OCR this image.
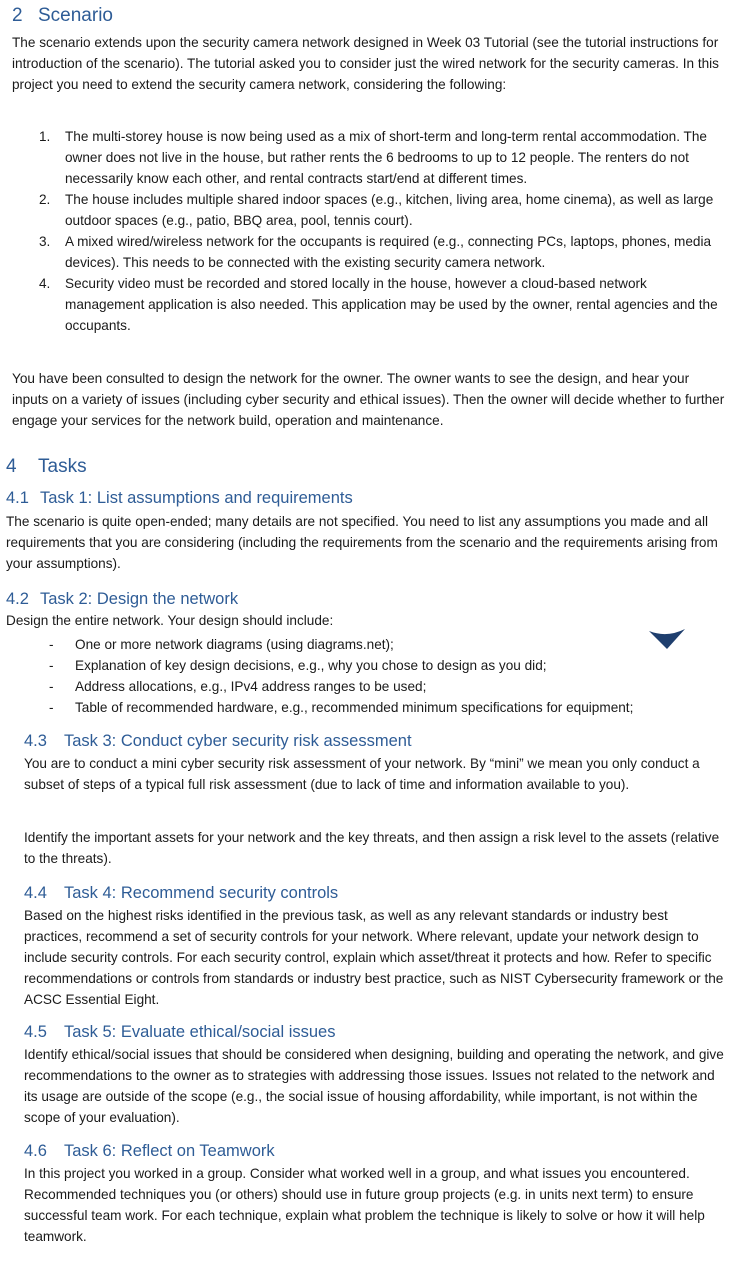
2 Scenario

The scenario extends upon the security camera network designed in Week 03 Tutorial (see the tutorial instructions for introduction of the scenario). The tutorial asked you to consider just the wired network for the security cameras. In this project you need to extend the security camera network, considering the following:

1. The multi-storey house is now being used as a mix of short-term and long-term rental accommodation. The owner does not live in the house, but rather rents the 6 bedrooms to up to 12 people. The renters do not necessarily know each other, and rental contracts start/end at different times.
2. The house includes multiple shared indoor spaces (e.g., kitchen, living area, home cinema), as well as large outdoor spaces (e.g., patio, BBQ area, pool, tennis court).
3. A mixed wired/wireless network for the occupants is required (e.g., connecting PCs, laptops, phones, media devices). This needs to be connected with the existing security camera network.
4. Security video must be recorded and stored locally in the house, however a cloud-based network management application is also needed. This application may be used by the owner, rental agencies and the occupants.

You have been consulted to design the network for the owner. The owner wants to see the design, and hear your inputs on a variety of issues (including cyber security and ethical issues). Then the owner will decide whether to further engage your services for the network build, operation and maintenance.

4 Tasks
4.1 Task 1: List assumptions and requirements

The scenario is quite open-ended; many details are not specified. You need to list any assumptions you made and all requirements that you are considering (including the requirements from the scenario and the requirements arising from your assumptions).

4.2 Task 2: Design the network

Design the entire network. Your design should include:

- One or more network diagrams (using diagrams.net);
- Explanation of key design decisions, e.g., why you chose to design as you did;
- Address allocations, e.g., IPv4 address ranges to be used;
- Table of recommended hardware, e.g., recommended minimum specifications for equipment;
4.3 Task 3: Conduct cyber security risk assessment

You are to conduct a mini cyber security risk assessment of your network. By “mini” we mean you only conduct a subset of steps of a typical full risk assessment (due to lack of time and information available to you).

Identify the important assets for your network and the key threats, and then assign a risk level to the assets (relative to the threats).

4.4 Task 4: Recommend security controls

Based on the highest risks identified in the previous task, as well as any relevant standards or industry best practices, recommend a set of security controls for your network. Where relevant, update your network design to include security controls. For each security control, explain which asset/threat it protects and how. Refer to specific recommendations or controls from standards or industry best practice, such as NIST Cybersecurity framework or the ACSC Essential Eight.

4.5 Task 5: Evaluate ethical/social issues

Identify ethical/social issues that should be considered when designing, building and operating the network, and give recommendations to the owner as to strategies with addressing those issues. Issues not related to the network and its usage are outside of the scope (e.g., the social issue of housing affordability, while important, is not within the scope of your evaluation).

4.6 Task 6: Reflect on Teamwork

In this project you worked in a group. Consider what worked well in a group, and what issues you encountered. Recommended techniques you (or others) should use in future group projects (e.g. in units next term) to ensure successful team work. For each technique, explain what problem the technique is likely to solve or how it will help teamwork.
